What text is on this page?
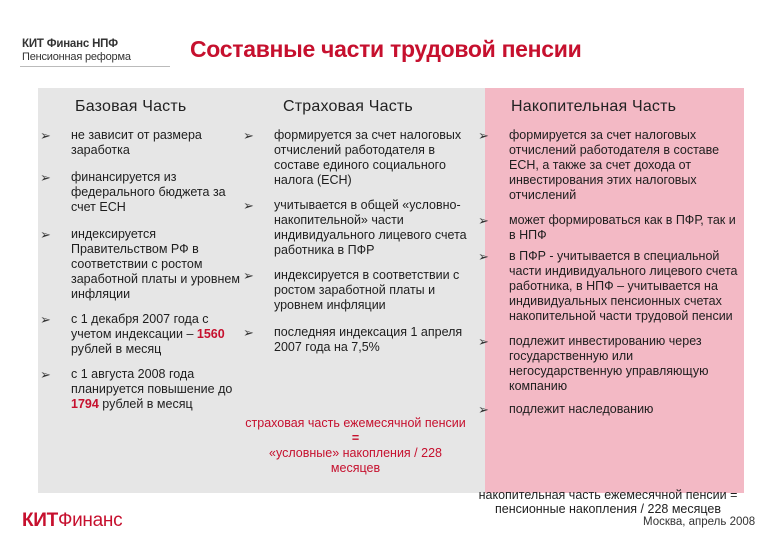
КИТ Финанс НПФ
Пенсионная реформа	Составные части трудовой пенсии
Базовая Часть	Страховая Часть	Накопительная Часть
➢ не зависит от размера заработка
➢ финансируется из федерального бюджета за счет ЕСН
➢ индексируется Правительством РФ в соответствии с ростом заработной платы и уровнем инфляции
➢ с 1 декабря 2007 года с учетом индексации – 1560 рублей в месяц
➢ с 1 августа 2008 года планируется повышение до 1794 рублей в месяц
➢ формируется за счет налоговых отчислений работодателя в составе единого социального налога (ЕСН)
➢ учитывается в общей «условно-накопительной» части индивидуального лицевого счета работника в ПФР
➢ индексируется в соответствии с ростом заработной платы и уровнем инфляции
➢ последняя индексация 1 апреля 2007 года на 7,5%
страховая часть ежемесячной пенсии =
«условные» накопления / 228 месяцев
➢ формируется за счет налоговых отчислений работодателя в составе ЕСН, а также за счет дохода от инвестирования этих налоговых отчислений
➢ может формироваться как в ПФР, так и в НПФ
➢ в ПФР - учитывается в специальной части индивидуального лицевого счета работника, в НПФ – учитывается на индивидуальных пенсионных счетах накопительной части трудовой пенсии
➢ подлежит инвестированию через государственную или негосударственную управляющую компанию
➢ подлежит наследованию
накопительная часть ежемесячной пенсии = пенсионные накопления / 228 месяцев
КИТФинанс	Москва, апрель 2008
